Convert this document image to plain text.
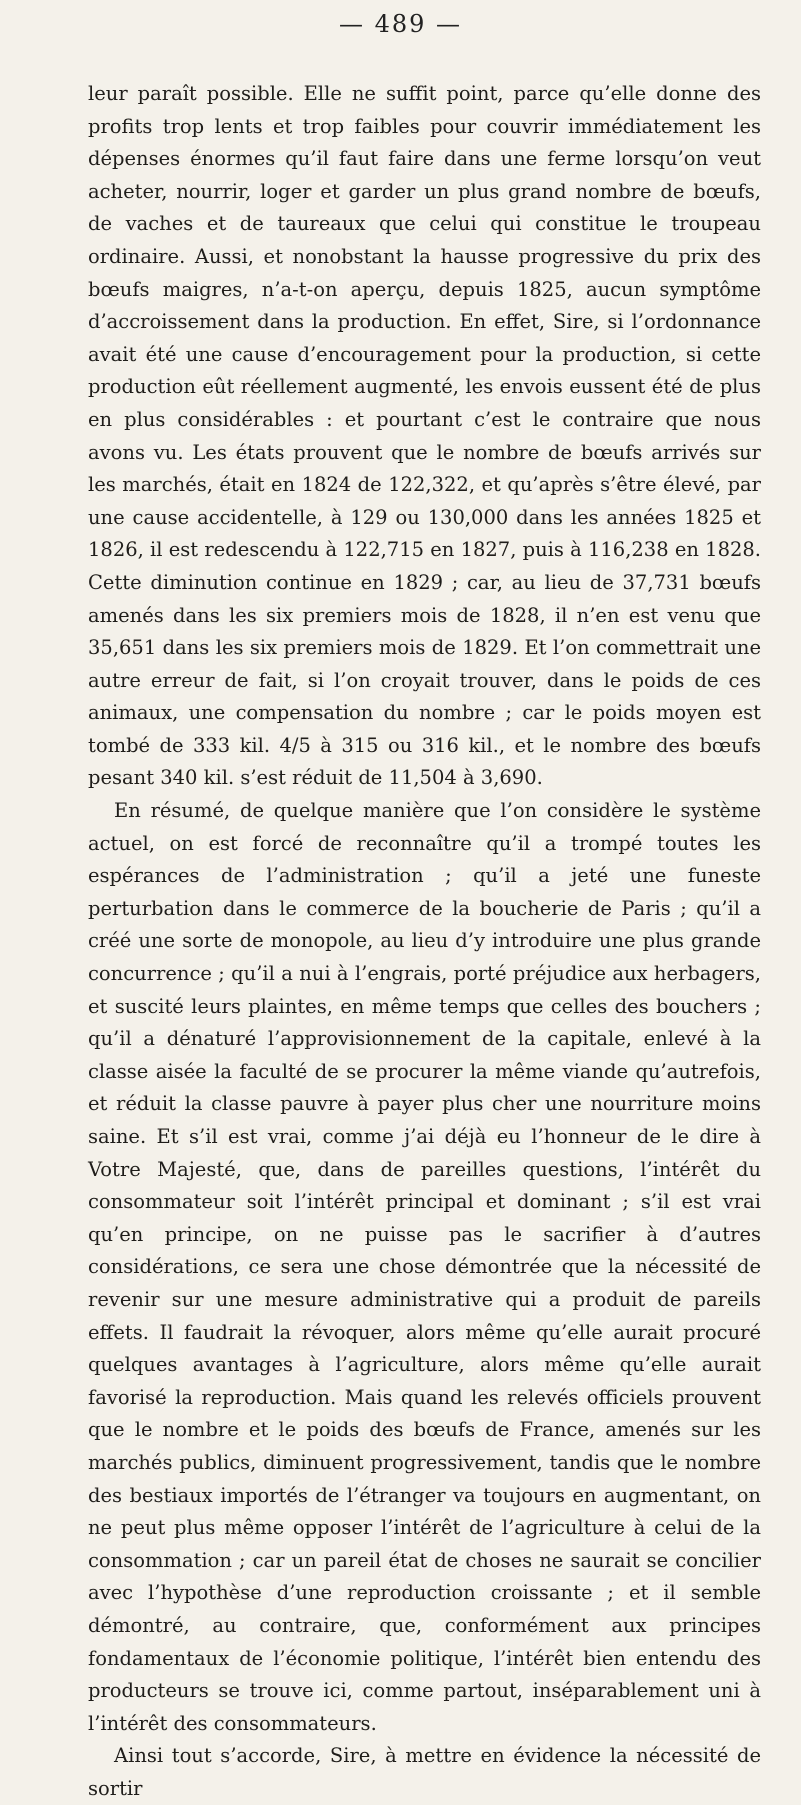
— 489 —

leur paraît possible. Elle ne suffit point, parce qu’elle donne des profits trop lents et trop faibles pour couvrir immédiatement les dépenses énormes qu’il faut faire dans une ferme lorsqu’on veut acheter, nourrir, loger et garder un plus grand nombre de bœufs, de vaches et de taureaux que celui qui constitue le troupeau ordinaire. Aussi, et nonobstant la hausse progressive du prix des bœufs maigres, n’a-t-on aperçu, depuis 1825, aucun symptôme d’accroissement dans la production. En effet, Sire, si l’ordonnance avait été une cause d’encouragement pour la production, si cette production eût réellement augmenté, les envois eussent été de plus en plus considérables : et pourtant c’est le contraire que nous avons vu. Les états prouvent que le nombre de bœufs arrivés sur les marchés, était en 1824 de 122,322, et qu’après s’être élevé, par une cause accidentelle, à 129 ou 130,000 dans les années 1825 et 1826, il est redescendu à 122,715 en 1827, puis à 116,238 en 1828. Cette diminution continue en 1829 ; car, au lieu de 37,731 bœufs amenés dans les six premiers mois de 1828, il n’en est venu que 35,651 dans les six premiers mois de 1829. Et l’on commettrait une autre erreur de fait, si l’on croyait trouver, dans le poids de ces animaux, une compensation du nombre ; car le poids moyen est tombé de 333 kil. 4/5 à 315 ou 316 kil., et le nombre des bœufs pesant 340 kil. s’est réduit de 11,504 à 3,690.

En résumé, de quelque manière que l’on considère le système actuel, on est forcé de reconnaître qu’il a trompé toutes les espérances de l’administration ; qu’il a jeté une funeste perturbation dans le commerce de la boucherie de Paris ; qu’il a créé une sorte de monopole, au lieu d’y introduire une plus grande concurrence ; qu’il a nui à l’engrais, porté préjudice aux herbagers, et suscité leurs plaintes, en même temps que celles des bouchers ; qu’il a dénaturé l’approvisionnement de la capitale, enlevé à la classe aisée la faculté de se procurer la même viande qu’autrefois, et réduit la classe pauvre à payer plus cher une nourriture moins saine. Et s’il est vrai, comme j’ai déjà eu l’honneur de le dire à Votre Majesté, que, dans de pareilles questions, l’intérêt du consommateur soit l’intérêt principal et dominant ; s’il est vrai qu’en principe, on ne puisse pas le sacrifier à d’autres considérations, ce sera une chose démontrée que la nécessité de revenir sur une mesure administrative qui a produit de pareils effets. Il faudrait la révoquer, alors même qu’elle aurait procuré quelques avantages à l’agriculture, alors même qu’elle aurait favorisé la reproduction. Mais quand les relevés officiels prouvent que le nombre et le poids des bœufs de France, amenés sur les marchés publics, diminuent progressivement, tandis que le nombre des bestiaux importés de l’étranger va toujours en augmentant, on ne peut plus même opposer l’intérêt de l’agriculture à celui de la consommation ; car un pareil état de choses ne saurait se concilier avec l’hypothèse d’une reproduction croissante ; et il semble démontré, au contraire, que, conformément aux principes fondamentaux de l’économie politique, l’intérêt bien entendu des producteurs se trouve ici, comme partout, inséparablement uni à l’intérêt des consommateurs.

Ainsi tout s’accorde, Sire, à mettre en évidence la nécessité de sortir
